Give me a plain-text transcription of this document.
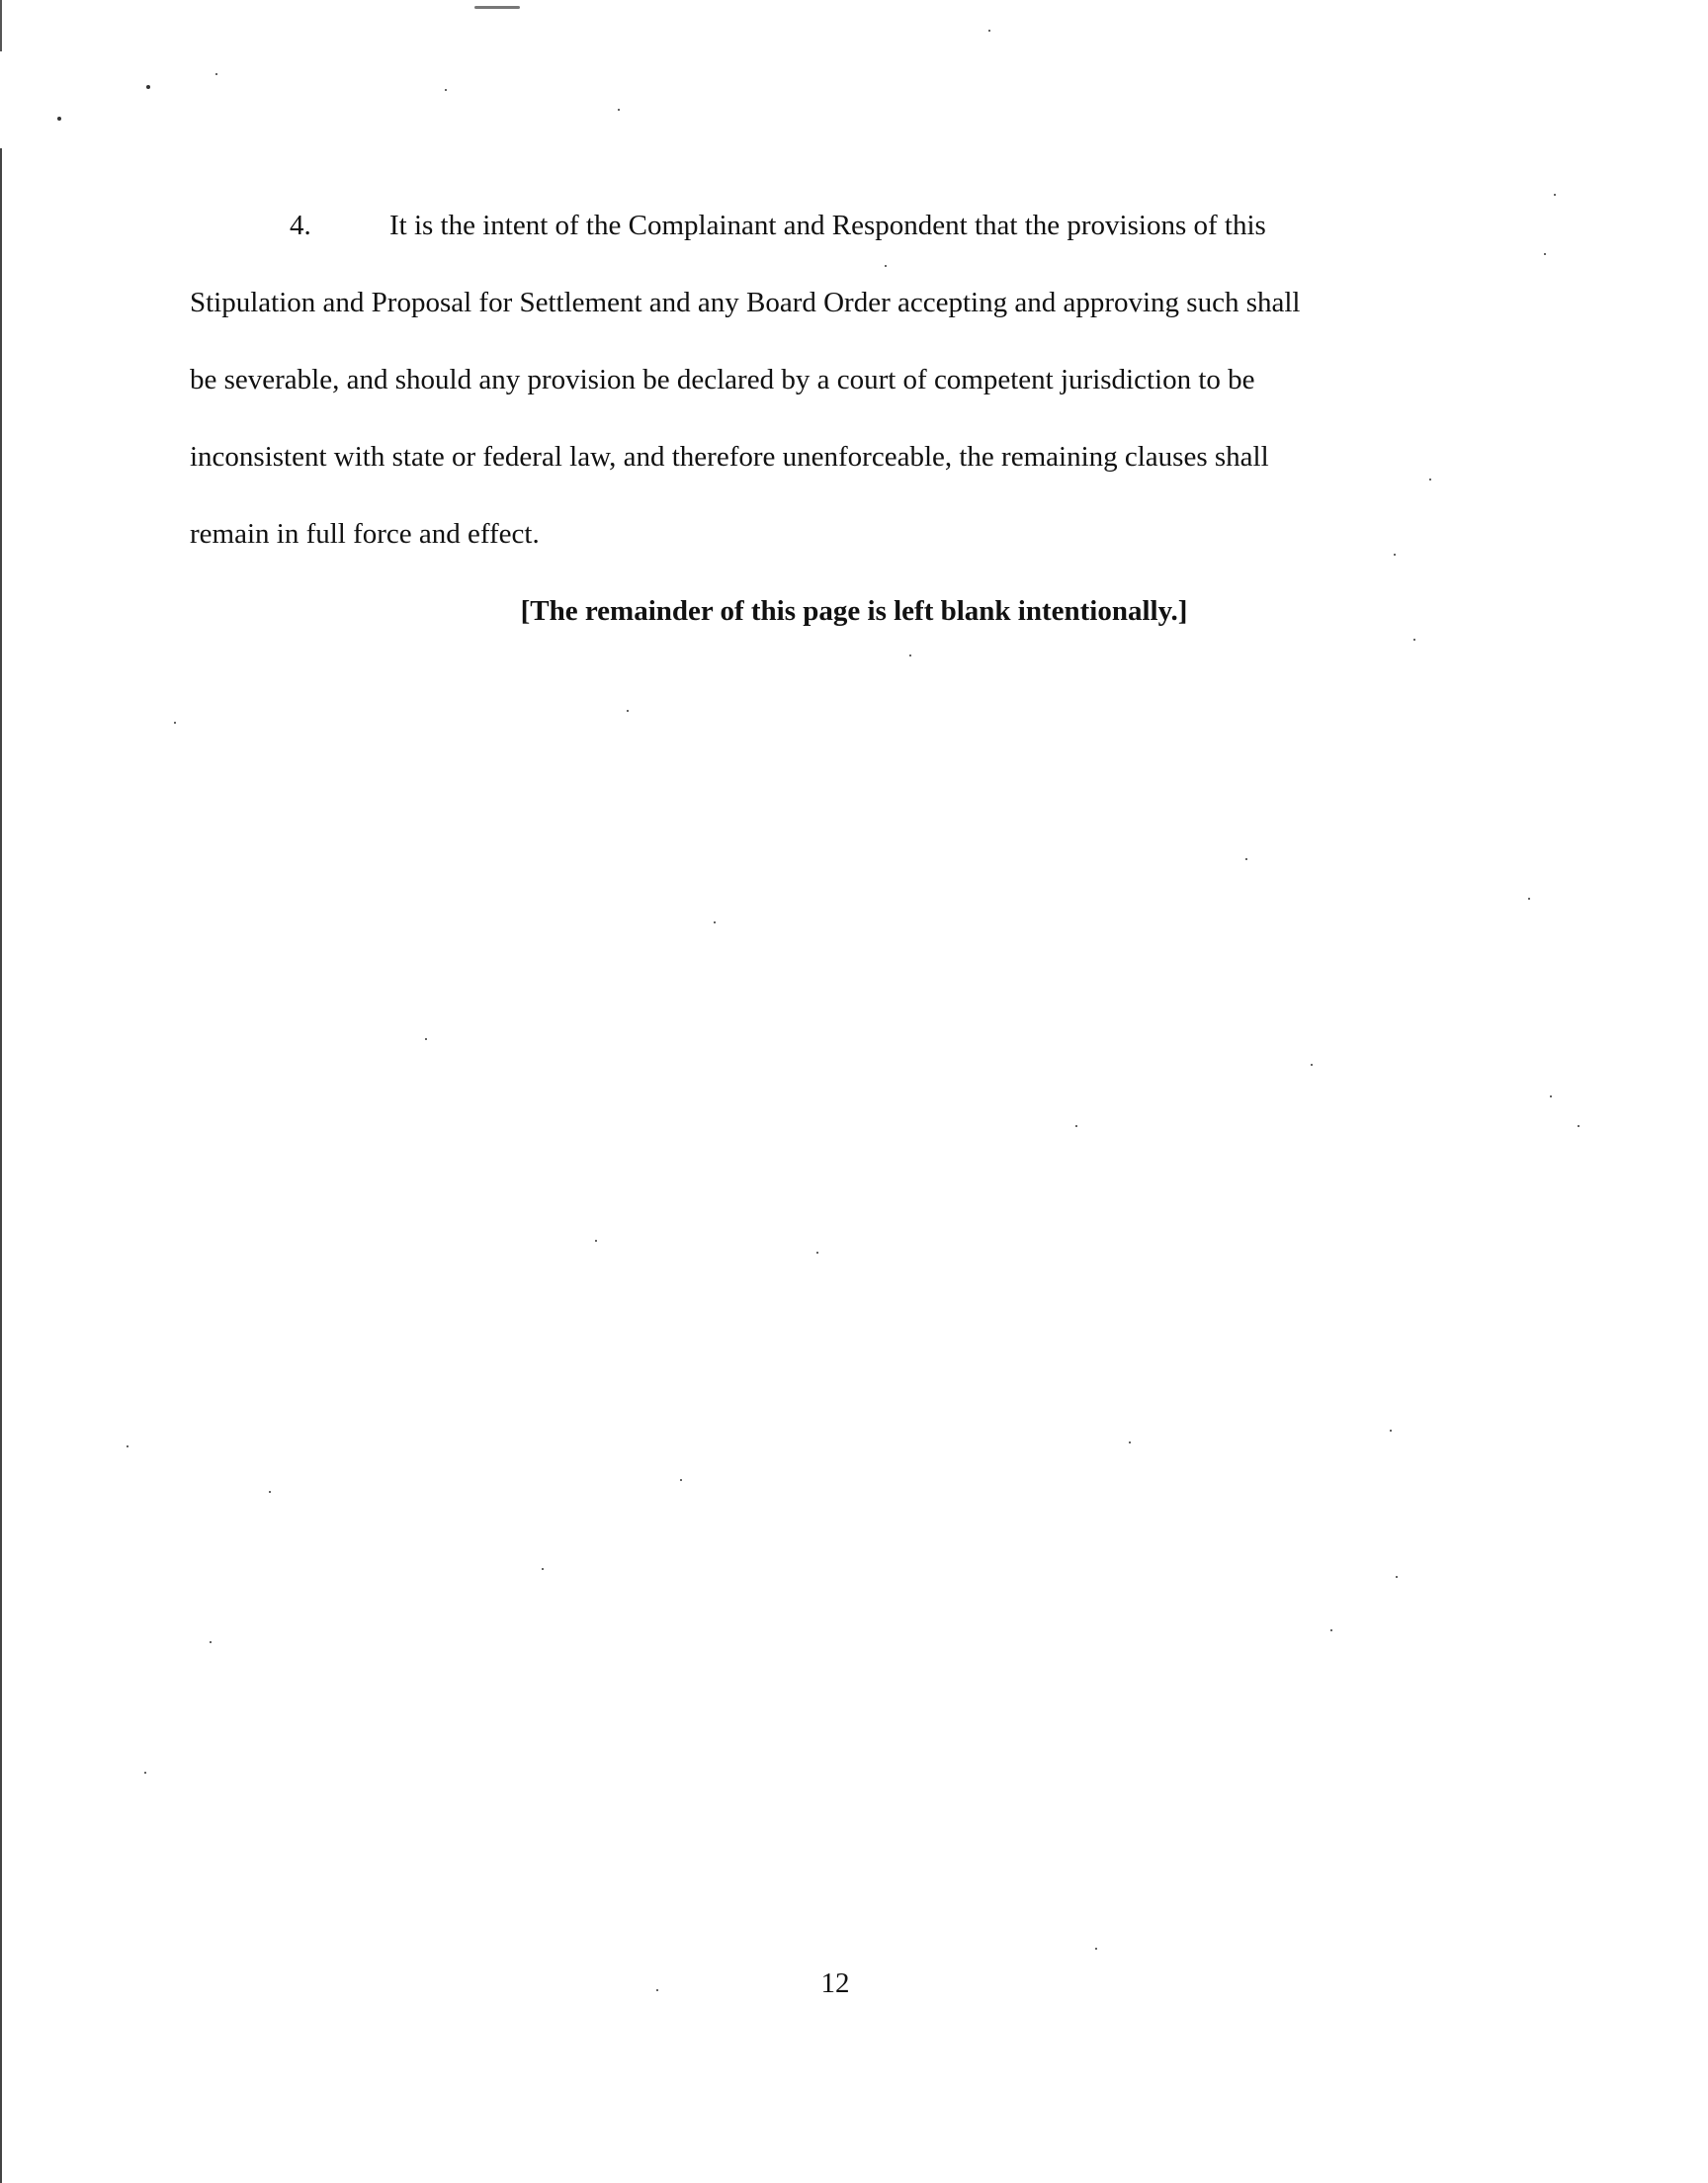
4.	It is the intent of the Complainant and Respondent that the provisions of this
Stipulation and Proposal for Settlement and any Board Order accepting and approving such shall
be severable, and should any provision be declared by a court of competent jurisdiction to be
inconsistent with state or federal law, and therefore unenforceable, the remaining clauses shall
remain in full force and effect.
[The remainder of this page is left blank intentionally.]
12
